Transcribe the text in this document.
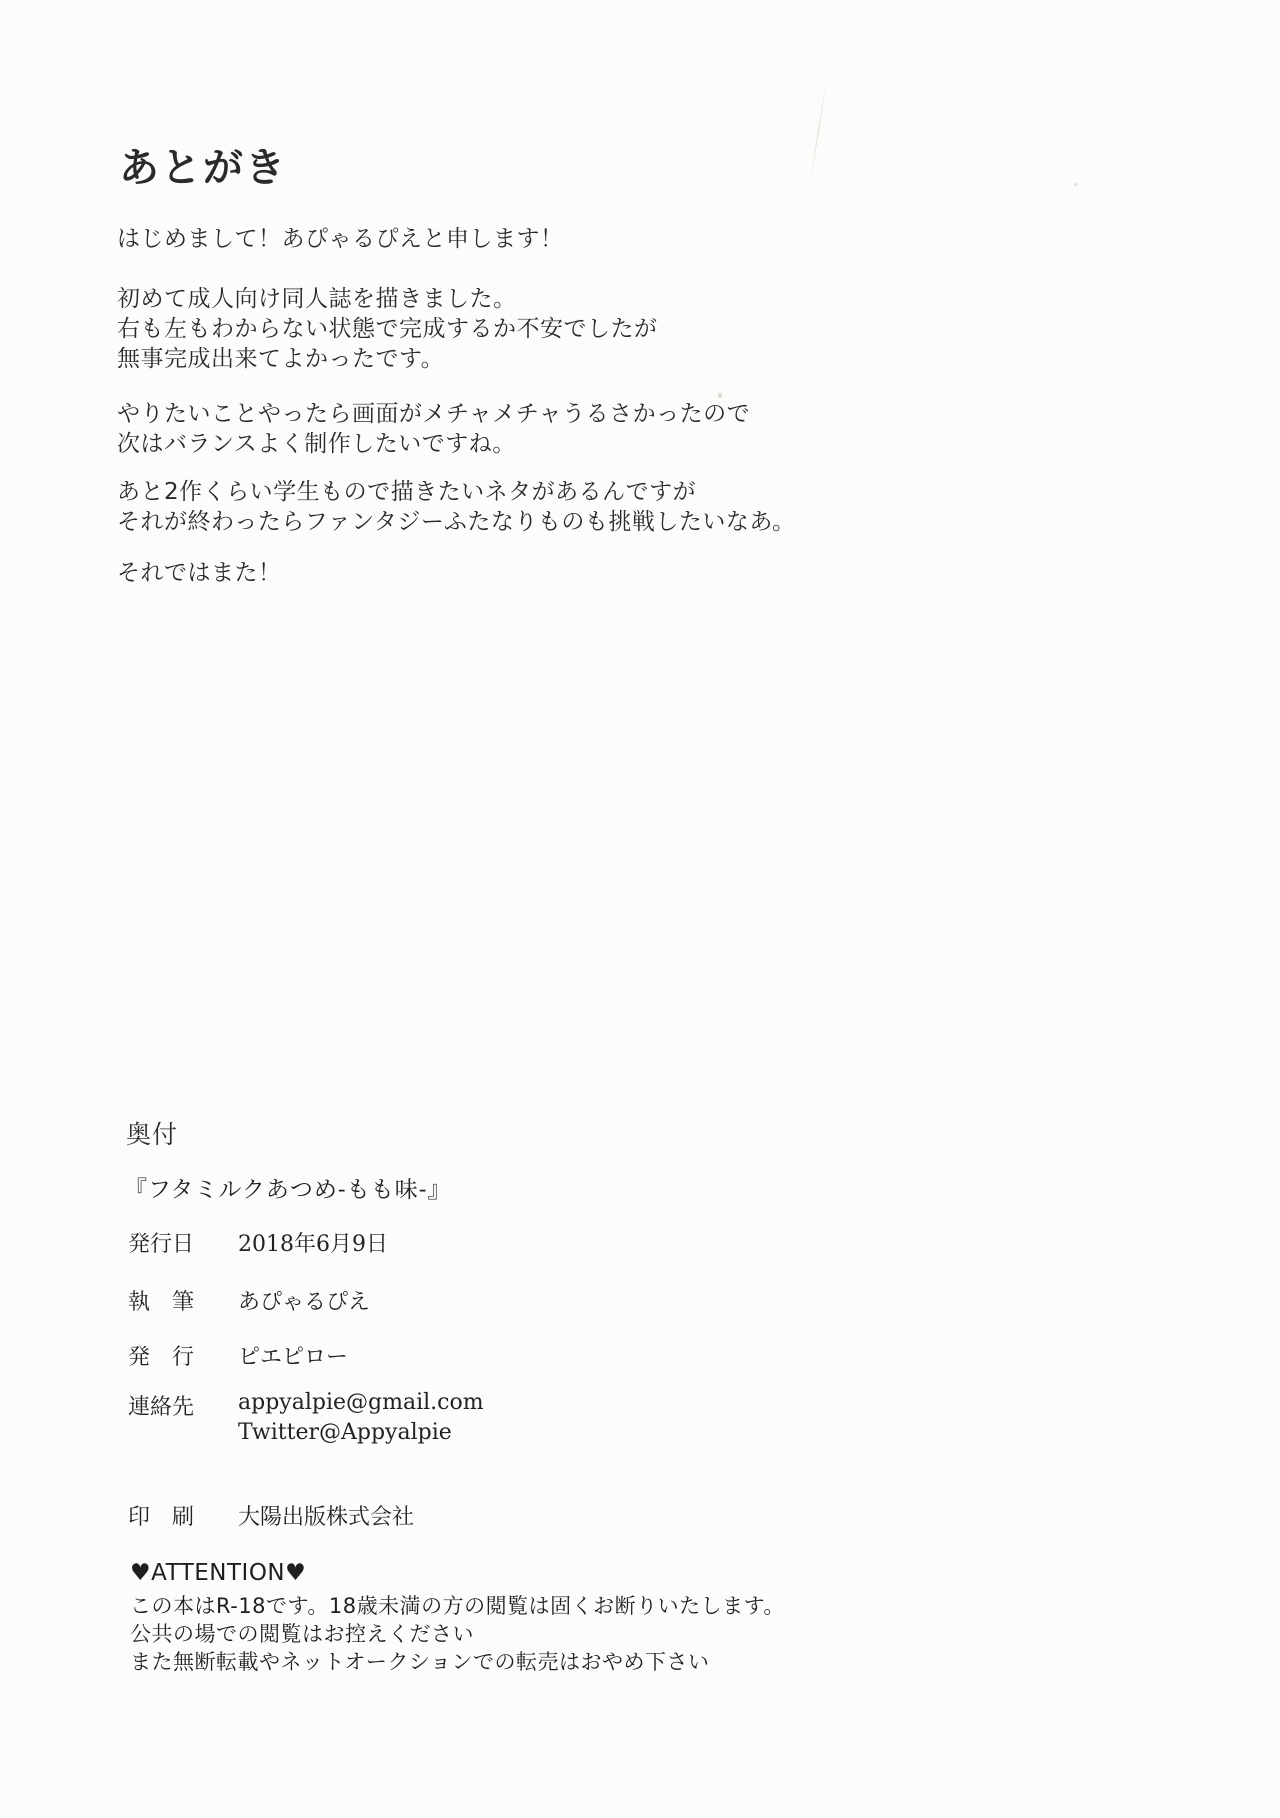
あとがき
はじめまして！あぴゃるぴえと申します！
初めて成人向け同人誌を描きました。
右も左もわからない状態で完成するか不安でしたが
無事完成出来てよかったです。
やりたいことやったら画面がメチャメチャうるさかったので
次はバランスよく制作したいですね。
あと2作くらい学生もので描きたいネタがあるんですが
それが終わったらファンタジーふたなりものも挑戦したいなあ。
それではまた！
奥付
『フタミルクあつめ-もも味-』
発行日 2018年6月9日
執　筆 あぴゃるぴえ
発　行 ピエピロー
連絡先 appyalpie@gmail.com
Twitter@Appyalpie
印　刷 大陽出版株式会社
♥ATTENTION♥
この本はR-18です。18歳未満の方の閲覧は固くお断りいたします。
公共の場での閲覧はお控えください
また無断転載やネットオークションでの転売はおやめ下さい
